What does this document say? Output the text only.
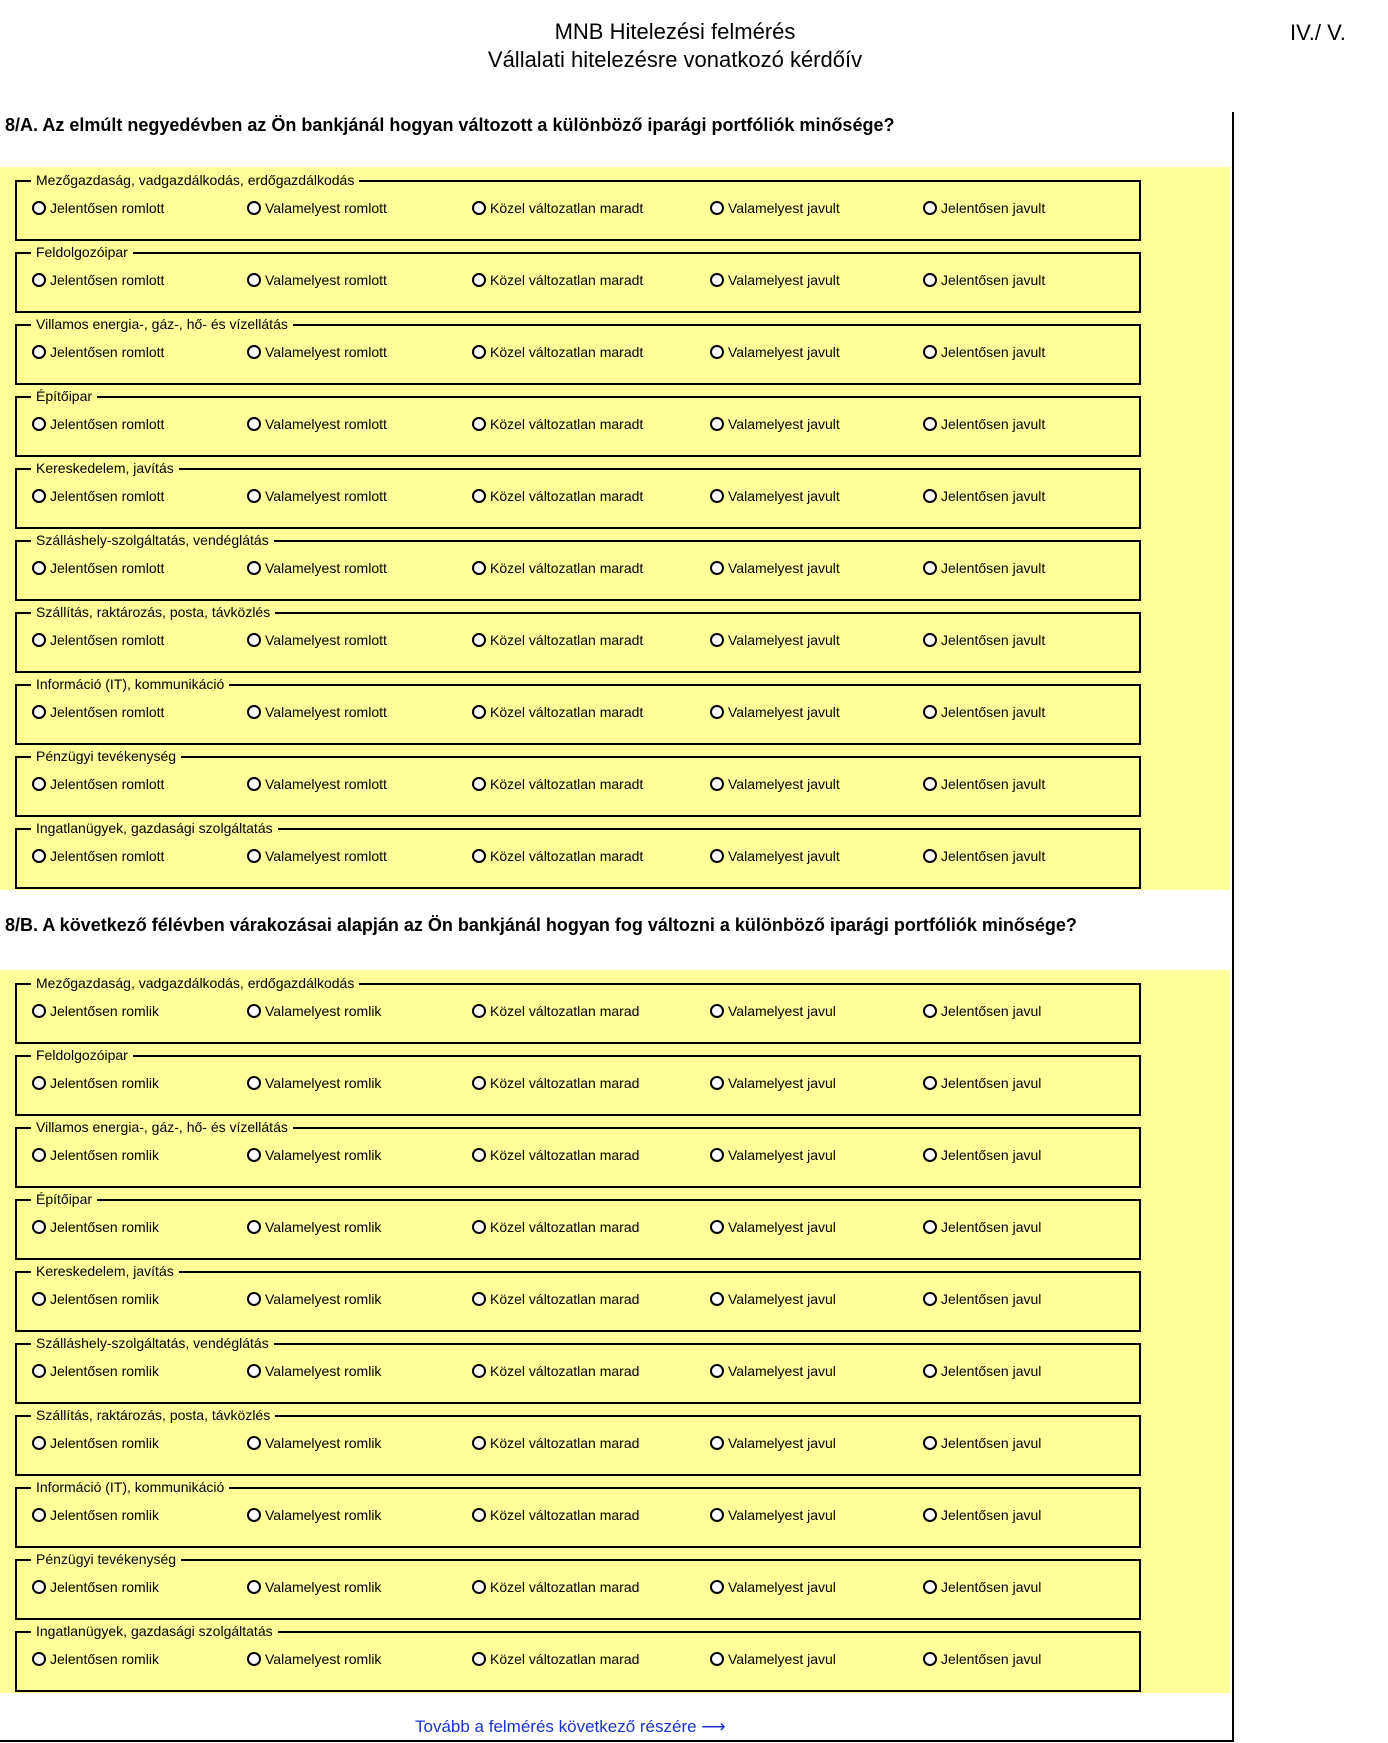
MNB Hitelezési felmérés
Vállalati hitelezésre vonatkozó kérdőív
IV./ V.
8/A. Az elmúlt negyedévben az Ön bankjánál hogyan változott a különböző iparági portfóliók minősége?
Mezőgazdaság, vadgazdálkodás, erdőgazdálkodás
Jelentősen romlott	Valamelyest romlott	Közel változatlan maradt	Valamelyest javult	Jelentősen javult
Feldolgozóipar
Jelentősen romlott	Valamelyest romlott	Közel változatlan maradt	Valamelyest javult	Jelentősen javult
Villamos energia-, gáz-, hő- és vízellátás
Jelentősen romlott	Valamelyest romlott	Közel változatlan maradt	Valamelyest javult	Jelentősen javult
Építőipar
Jelentősen romlott	Valamelyest romlott	Közel változatlan maradt	Valamelyest javult	Jelentősen javult
Kereskedelem, javítás
Jelentősen romlott	Valamelyest romlott	Közel változatlan maradt	Valamelyest javult	Jelentősen javult
Szálláshely-szolgáltatás, vendéglátás
Jelentősen romlott	Valamelyest romlott	Közel változatlan maradt	Valamelyest javult	Jelentősen javult
Szállítás, raktározás, posta, távközlés
Jelentősen romlott	Valamelyest romlott	Közel változatlan maradt	Valamelyest javult	Jelentősen javult
Információ (IT), kommunikáció
Jelentősen romlott	Valamelyest romlott	Közel változatlan maradt	Valamelyest javult	Jelentősen javult
Pénzügyi tevékenység
Jelentősen romlott	Valamelyest romlott	Közel változatlan maradt	Valamelyest javult	Jelentősen javult
Ingatlanügyek, gazdasági szolgáltatás
Jelentősen romlott	Valamelyest romlott	Közel változatlan maradt	Valamelyest javult	Jelentősen javult
8/B. A következő félévben várakozásai alapján az Ön bankjánál hogyan fog változni a különböző iparági portfóliók minősége?
Mezőgazdaság, vadgazdálkodás, erdőgazdálkodás
Jelentősen romlik	Valamelyest romlik	Közel változatlan marad	Valamelyest javul	Jelentősen javul
Feldolgozóipar
Jelentősen romlik	Valamelyest romlik	Közel változatlan marad	Valamelyest javul	Jelentősen javul
Villamos energia-, gáz-, hő- és vízellátás
Jelentősen romlik	Valamelyest romlik	Közel változatlan marad	Valamelyest javul	Jelentősen javul
Építőipar
Jelentősen romlik	Valamelyest romlik	Közel változatlan marad	Valamelyest javul	Jelentősen javul
Kereskedelem, javítás
Jelentősen romlik	Valamelyest romlik	Közel változatlan marad	Valamelyest javul	Jelentősen javul
Szálláshely-szolgáltatás, vendéglátás
Jelentősen romlik	Valamelyest romlik	Közel változatlan marad	Valamelyest javul	Jelentősen javul
Szállítás, raktározás, posta, távközlés
Jelentősen romlik	Valamelyest romlik	Közel változatlan marad	Valamelyest javul	Jelentősen javul
Információ (IT), kommunikáció
Jelentősen romlik	Valamelyest romlik	Közel változatlan marad	Valamelyest javul	Jelentősen javul
Pénzügyi tevékenység
Jelentősen romlik	Valamelyest romlik	Közel változatlan marad	Valamelyest javul	Jelentősen javul
Ingatlanügyek, gazdasági szolgáltatás
Jelentősen romlik	Valamelyest romlik	Közel változatlan marad	Valamelyest javul	Jelentősen javul
Tovább a felmérés következő részére ⟶
